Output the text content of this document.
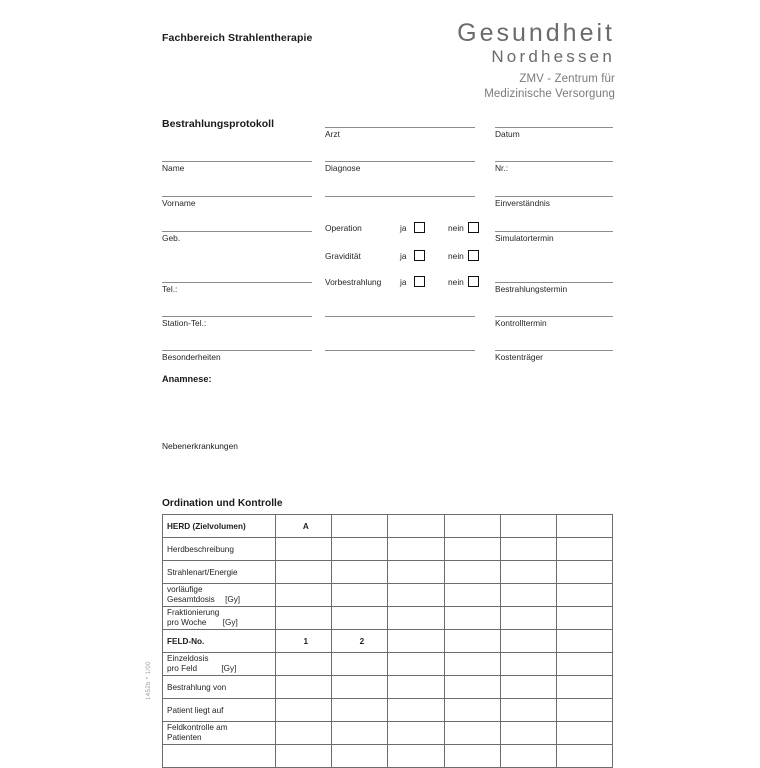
Fachbereich Strahlentherapie	Gesundheit
Nordhessen
ZMV - Zentrum für
Medizinische Versorgung
Bestrahlungsprotokoll
Name
Vorname
Geb.
Tel.:
Station-Tel.:
Besonderheiten
Arzt
Diagnose
Operation	ja	nein
Gravidität	ja	nein
Vorbestrahlung ja	nein
Datum
Nr.:
Einverständnis
Simulatortermin
Bestrahlungstermin
Kontrolltermin
Kostenträger
Anamnese:
Nebenerkrankungen
Ordination und Kontrolle
HERD (Zielvolumen)	A					
Herdbeschreibung						
Strahlenart/Energie						

vorläufige
Gesamtdosis [Gy]						

Fraktionierung
pro Woche [Gy]						

FELD-No.	1	2				

Einzeldosis
pro Feld [Gy]						

Bestrahlung von						
Patient liegt auf						

Feldkontrolle am
Patienten						

1452b * 1/00
